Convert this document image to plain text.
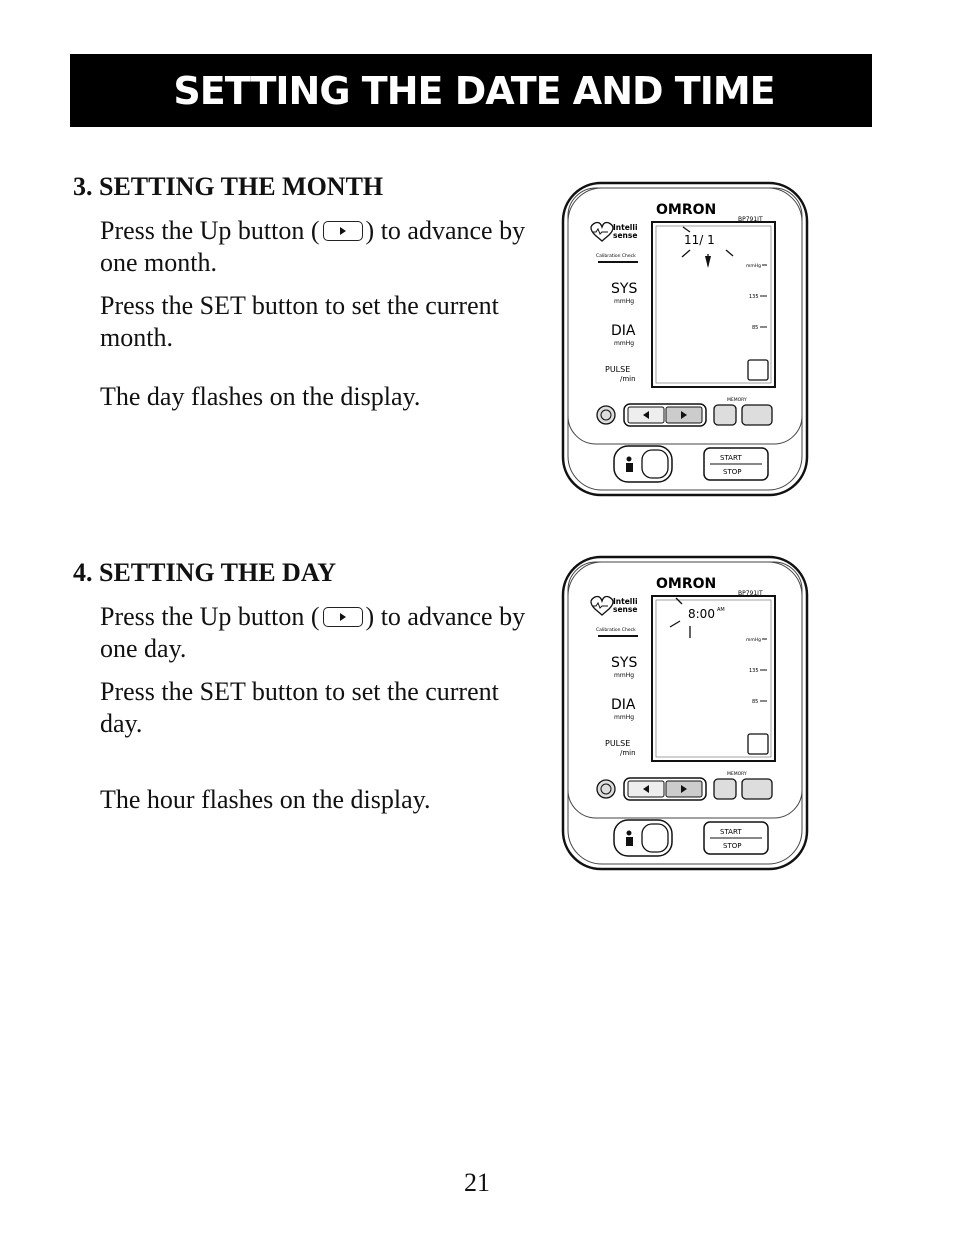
SETTING THE DATE AND TIME
3. SETTING THE MONTH

Press the Up button ( ) to advance by one month.

Press the SET button to set the current month.

The day flashes on the display.

4. SETTING THE DAY

Press the Up button ( ) to advance by one day.

Press the SET button to set the current day.

The hour flashes on the display.

OMRON
BP791IT
Intelli
sense
Calibration Check
SYS
mmHg
DIA
mmHg
PULSE
/min
11/ 1
mmHg
135
85
MEMORY
START
STOP
OMRON
BP791IT
Intelli
sense
Calibration Check
SYS
mmHg
DIA
mmHg
PULSE
/min
8:00 AM
mmHg
135
85
MEMORY
START
STOP
21
